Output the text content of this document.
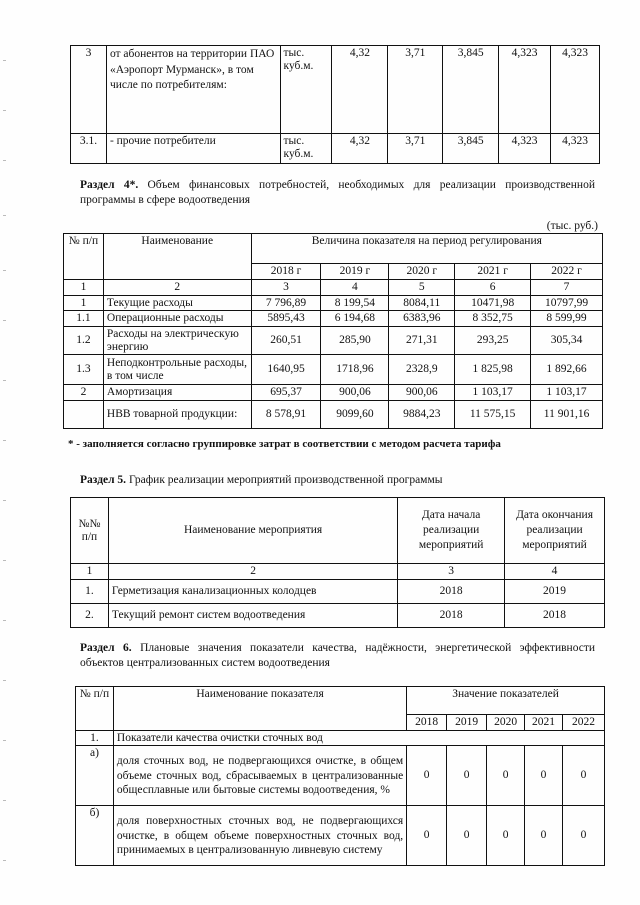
3	от абонентов на территории ПАО «Аэропорт Мурманск», в том числе по потребителям:	тыс. куб.м.	4,32	3,71	3,845	4,323	4,323
3.1.	- прочие потребители	тыс. куб.м.	4,32	3,71	3,845	4,323	4,323
Раздел 4*. Объем финансовых потребностей, необходимых для реализации производственной программы в сфере водоотведения
(тыс. руб.)
№ п/п	Наименование	Величина показателя на период регулирования				
		2018 г	2019 г	2020 г	2021 г	2022 г
1	2	3	4	5	6	7
1	Текущие расходы	7 796,89	8 199,54	8084,11	10471,98	10797,99
1.1	Операционные расходы	5895,43	6 194,68	6383,96	8 352,75	8 599,99
1.2	Расходы на электрическую энергию	260,51	285,90	271,31	293,25	305,34
1.3	Неподконтрольные расходы, в том числе	1640,95	1718,96	2328,9	1 825,98	1 892,66
2	Амортизация	695,37	900,06	900,06	1 103,17	1 103,17
	НВВ товарной продукции:	8 578,91	9099,60	9884,23	11 575,15	11 901,16
* - заполняется согласно группировке затрат в соответствии с методом расчета тарифа
Раздел 5. График реализации мероприятий производственной программы
№№ п/п	Наименование мероприятия	Дата начала реализации мероприятий	Дата окончания реализации мероприятий
1	2	3	4
1.	Герметизация канализационных колодцев	2018	2019
2.	Текущий ремонт систем водоотведения	2018	2018
Раздел 6. Плановые значения показатели качества, надёжности, энергетической эффективности объектов централизованных систем водоотведения
№ п/п	Наименование показателя	Значение показателей				
		2018	2019	2020	2021	2022
1.	Показатели качества очистки сточных вод					
а)	доля сточных вод, не подвергающихся очистке, в общем объеме сточных вод, сбрасываемых в централизованные общесплавные или бытовые системы водоотведения, %	0	0	0	0	0
б)	доля поверхностных сточных вод, не подвергающихся очистке, в общем объеме поверхностных сточных вод, принимаемых в централизованную ливневую систему	0	0	0	0	0
